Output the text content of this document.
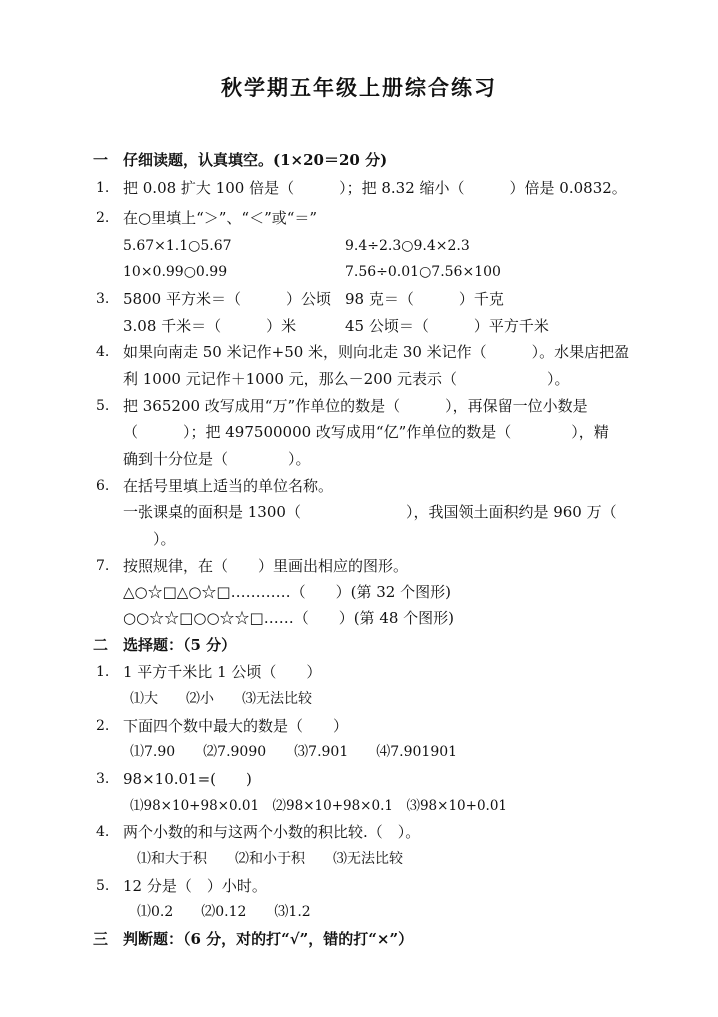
秋学期五年级上册综合练习
一 仔细读题，认真填空。(1×20＝20 分)
1. 把 0.08 扩大 100 倍是（　　　）；把 8.32 缩小（　　　）倍是 0.0832。
2. 在○里填上“＞”、“＜”或“＝”
5.67×1.1○5.67	9.4÷2.3○9.4×2.3
10×0.99○0.99	7.56÷0.01○7.56×100
3. 5800 平方米＝（　　　）公顷 98 克＝（　　　）千克
3.08 千米＝（　　　）米	45 公顷＝（　　　）平方千米
4. 如果向南走 50 米记作+50 米，则向北走 30 米记作（　　　）。水果店把盈
利 1000 元记作＋1000 元，那么－200 元表示（　　　　　　）。
5. 把 365200 改写成用“万”作单位的数是（　　　），再保留一位小数是
（　　　）；把 497500000 改写成用“亿”作单位的数是（　　　　），精
确到十分位是（　　　　）。
6. 在括号里填上适当的单位名称。
一张课桌的面积是 1300（　　　　　　　），我国领土面积约是 960 万（
　　）。
7. 按照规律，在（　　）里画出相应的图形。
△○☆□△○☆□…………（　　）(第 32 个图形)
○○☆☆□○○☆☆□……（　　）(第 48 个图形)
二 选择题：（5 分）
1. 1 平方千米比 1 公顷（　　）
⑴大　　⑵小　　⑶无法比较
2. 下面四个数中最大的数是（　　）
⑴7.90　　⑵7.9090　　⑶7.901　　⑷7.901901
3. 98×10.01=(　　)
⑴98×10+98×0.01　⑵98×10+98×0.1　⑶98×10+0.01
4. 两个小数的和与这两个小数的积比较.（　）。
⑴和大于积　　⑵和小于积　　⑶无法比较
5. 12 分是（　）小时。
⑴0.2　　⑵0.12　　⑶1.2
三 判断题：（6 分，对的打“√”，错的打“×”）
